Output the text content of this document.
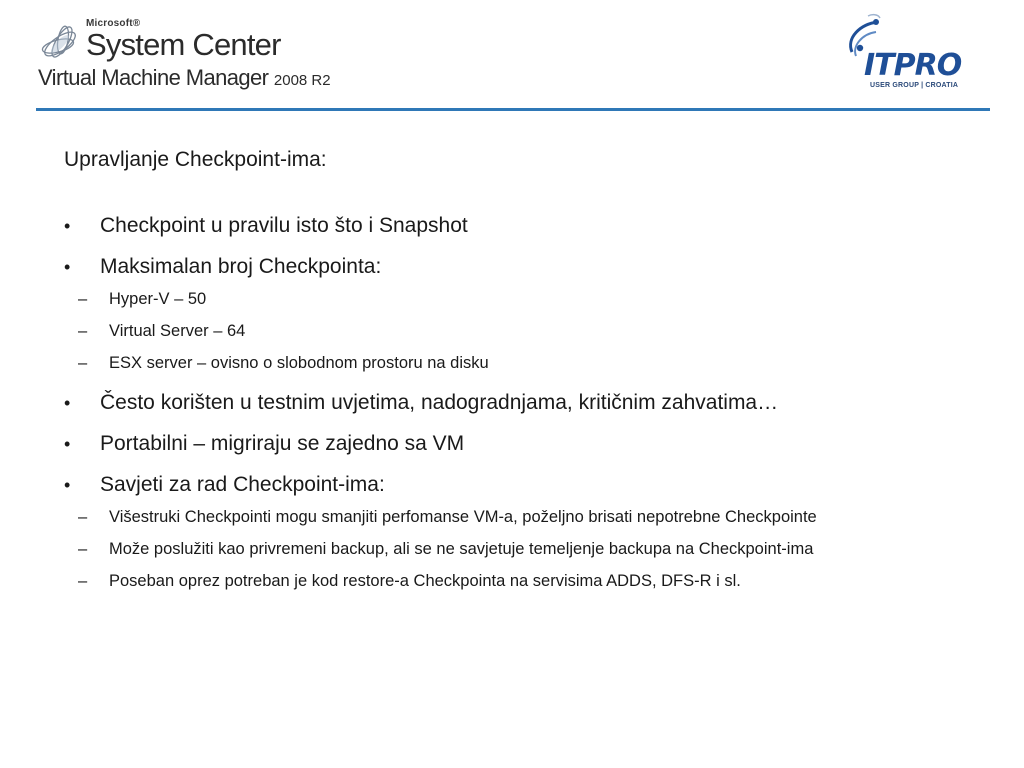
Microsoft®
System Center
Virtual Machine Manager 2008 R2	ITPRO
USER GROUP | CROATIA
Upravljanje Checkpoint-ima:
•	Checkpoint u pravilu isto što i Snapshot
•	Maksimalan broj Checkpointa:
– Hyper-V – 50
– Virtual Server – 64
– ESX server – ovisno o slobodnom prostoru na disku
•	Često korišten u testnim uvjetima, nadogradnjama, kritičnim zahvatima…
•	Portabilni – migriraju se zajedno sa VM
•	Savjeti za rad Checkpoint-ima:
– Višestruki Checkpointi mogu smanjiti perfomanse VM-a, poželjno brisati nepotrebne Checkpointe
– Može poslužiti kao privremeni backup, ali se ne savjetuje temeljenje backupa na Checkpoint-ima
– Poseban oprez potreban je kod restore-a Checkpointa na servisima ADDS, DFS-R i sl.
